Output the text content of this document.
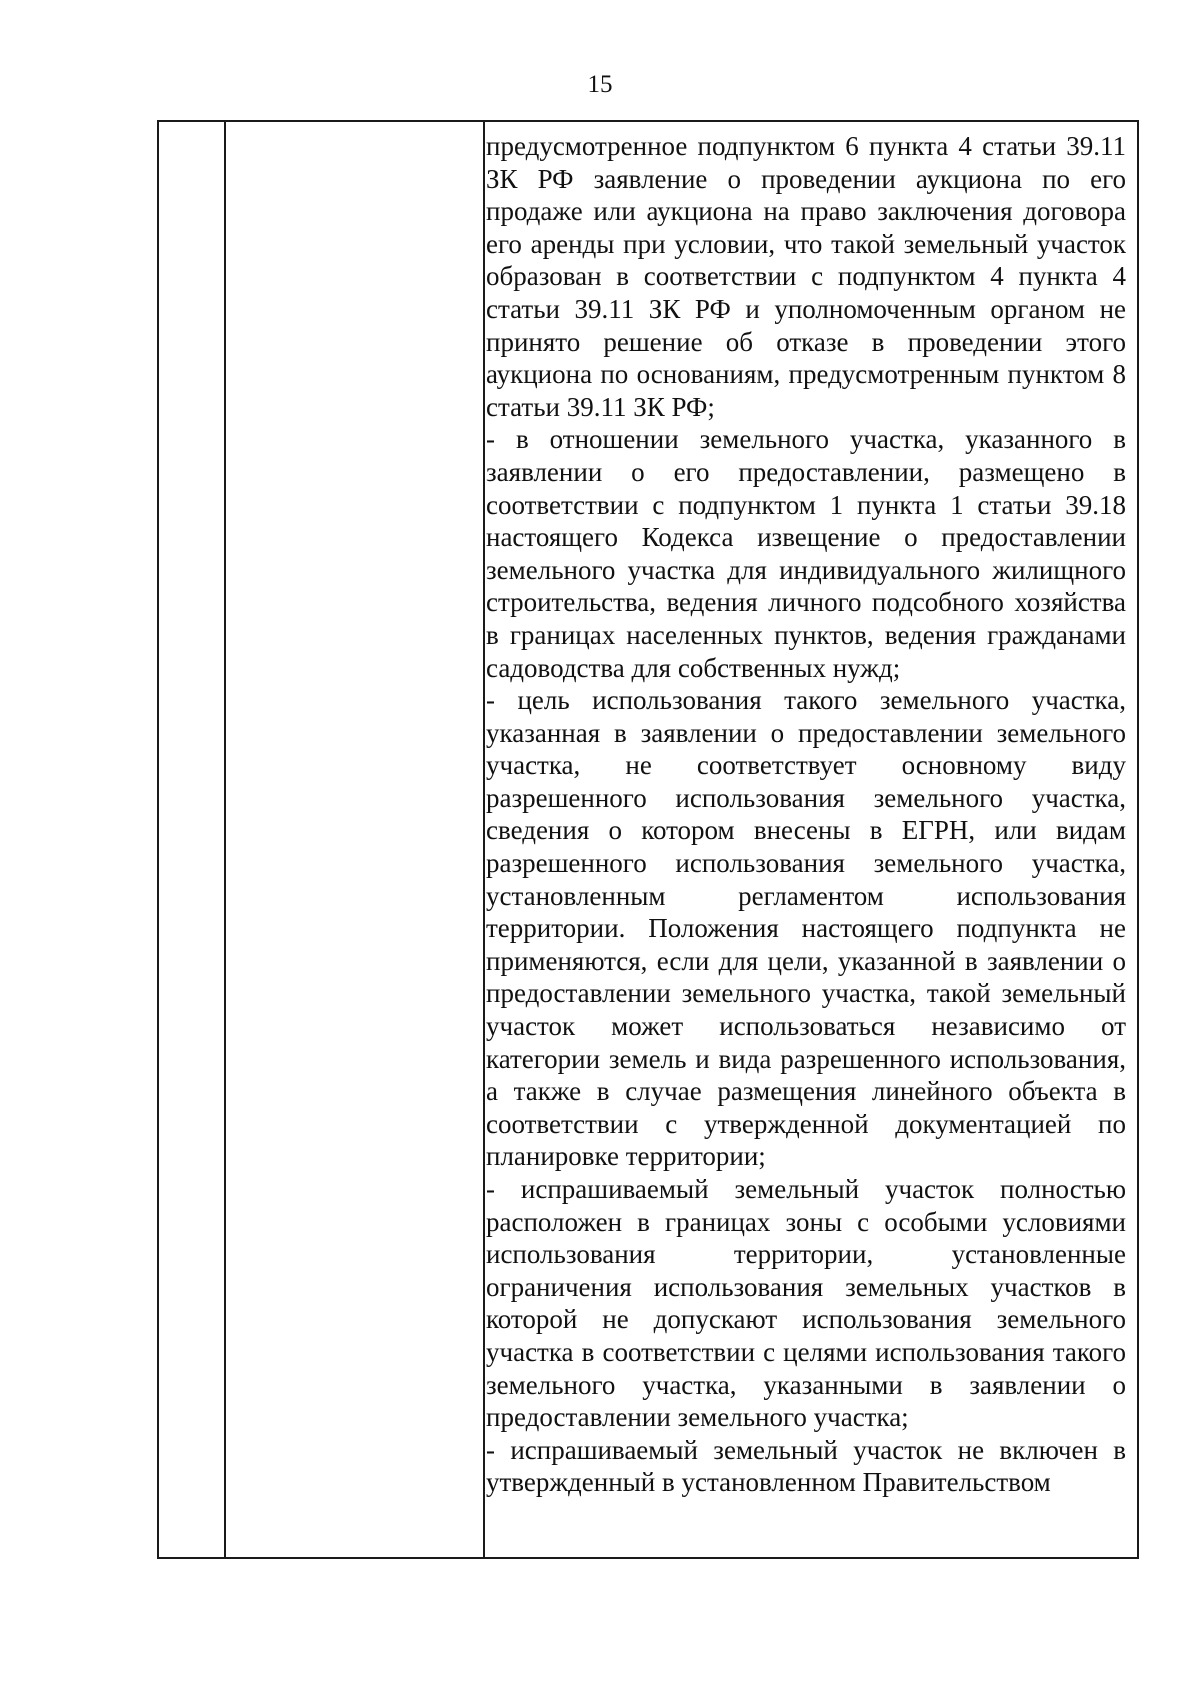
15

предусмотренное подпунктом 6 пункта 4 статьи 39.11 ЗК РФ заявление о проведении аукциона по его продаже или аукциона на право заключения договора его аренды при условии, что такой земельный участок образован в соответствии с подпунктом 4 пункта 4 статьи 39.11 ЗК РФ и уполномоченным органом не принято решение об отказе в проведении этого аукциона по основаниям, предусмотренным пунктом 8 статьи 39.11 ЗК РФ;

- в отношении земельного участка, указанного в заявлении о его предоставлении, размещено в соответствии с подпунктом 1 пункта 1 статьи 39.18 настоящего Кодекса извещение о предоставлении земельного участка для индивидуального жилищного строительства, ведения личного подсобного хозяйства в границах населенных пунктов, ведения гражданами садоводства для собственных нужд;

- цель использования такого земельного участка, указанная в заявлении о предоставлении земельного участка, не соответствует основному виду разрешенного использования земельного участка, сведения о котором внесены в ЕГРН, или видам разрешенного использования земельного участка, установленным регламентом использования территории. Положения настоящего подпункта не применяются, если для цели, указанной в заявлении о предоставлении земельного участка, такой земельный участок может использоваться независимо от категории земель и вида разрешенного использования, а также в случае размещения линейного объекта в соответствии с утвержденной документацией по планировке территории;

- испрашиваемый земельный участок полностью расположен в границах зоны с особыми условиями использования территории, установленные ограничения использования земельных участков в которой не допускают использования земельного участка в соответствии с целями использования такого земельного участка, указанными в заявлении о предоставлении земельного участка;

- испрашиваемый земельный участок не включен в утвержденный в установленном Правительством
